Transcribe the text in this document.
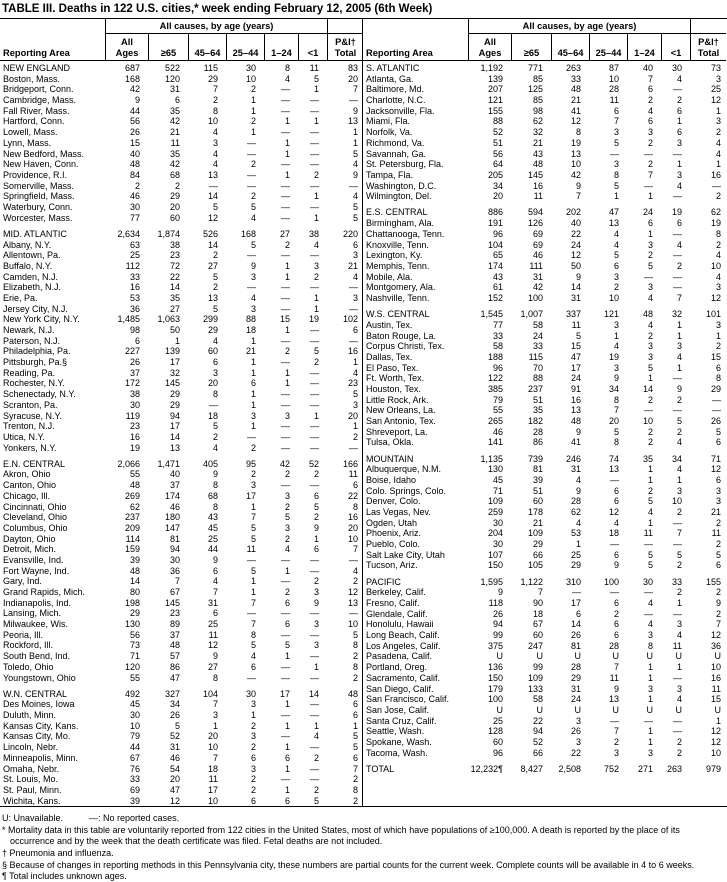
TABLE III. Deaths in 122 U.S. cities,* week ending February 12, 2005 (6th Week)
Reporting Area
All causes, by age (years)
All
Ages	≥65	45–64	25–44	1–24	<1
P&I†
Total
NEW ENGLAND	687	522	115	30	8	11	83
Boston, Mass.	168	120	29	10	4	5	20
Bridgeport, Conn.	42	31	7	2	—	1	7
Cambridge, Mass.	9	6	2	1	—	—	—
Fall River, Mass.	44	35	8	1	—	—	9
Hartford, Conn.	56	42	10	2	1	1	13
Lowell, Mass.	26	21	4	1	—	—	1
Lynn, Mass.	15	11	3	—	1	—	1
New Bedford, Mass.	40	35	4	—	1	—	5
New Haven, Conn.	48	42	4	2	—	—	4
Providence, R.I.	84	68	13	—	1	2	9
Somerville, Mass.	2	2	—	—	—	—	—
Springfield, Mass.	46	29	14	2	—	1	4
Waterbury, Conn.	30	20	5	5	—	—	5
Worcester, Mass.	77	60	12	4	—	1	5
MID. ATLANTIC	2,634	1,874	526	168	27	38	220
Albany, N.Y.	63	38	14	5	2	4	6
Allentown, Pa.	25	23	2	—	—	—	3
Buffalo, N.Y.	112	72	27	9	1	3	21
Camden, N.J.	33	22	5	3	1	2	4
Elizabeth, N.J.	16	14	2	—	—	—	—
Erie, Pa.	53	35	13	4	—	1	3
Jersey City, N.J.	36	27	5	3	—	1	—
New York City, N.Y.	1,485	1,063	299	88	15	19	102
Newark, N.J.	98	50	29	18	1	—	6
Paterson, N.J.	6	1	4	1	—	—	—
Philadelphia, Pa.	227	139	60	21	2	5	16
Pittsburgh, Pa.§	26	17	6	1	—	2	1
Reading, Pa.	37	32	3	1	1	—	4
Rochester, N.Y.	172	145	20	6	1	—	23
Schenectady, N.Y.	38	29	8	1	—	—	5
Scranton, Pa.	30	29	—	1	—	—	3
Syracuse, N.Y.	119	94	18	3	3	1	20
Trenton, N.J.	23	17	5	1	—	—	1
Utica, N.Y.	16	14	2	—	—	—	2
Yonkers, N.Y.	19	13	4	2	—	—	—
E.N. CENTRAL	2,066	1,471	405	95	42	52	166
Akron, Ohio	55	40	9	2	2	2	11
Canton, Ohio	48	37	8	3	—	—	6
Chicago, Ill.	269	174	68	17	3	6	22
Cincinnati, Ohio	62	46	8	1	2	5	8
Cleveland, Ohio	237	180	43	7	5	2	16
Columbus, Ohio	209	147	45	5	3	9	20
Dayton, Ohio	114	81	25	5	2	1	10
Detroit, Mich.	159	94	44	11	4	6	7
Evansville, Ind.	39	30	9	—	—	—	—
Fort Wayne, Ind.	48	36	6	5	1	—	4
Gary, Ind.	14	7	4	1	—	2	2
Grand Rapids, Mich.	80	67	7	1	2	3	12
Indianapolis, Ind.	198	145	31	7	6	9	13
Lansing, Mich.	29	23	6	—	—	—	—
Milwaukee, Wis.	130	89	25	7	6	3	10
Peoria, Ill.	56	37	11	8	—	—	5
Rockford, Ill.	73	48	12	5	5	3	8
South Bend, Ind.	71	57	9	4	1	—	2
Toledo, Ohio	120	86	27	6	—	1	8
Youngstown, Ohio	55	47	8	—	—	—	2
W.N. CENTRAL	492	327	104	30	17	14	48
Des Moines, Iowa	45	34	7	3	1	—	6
Duluth, Minn.	30	26	3	1	—	—	6
Kansas City, Kans.	10	5	1	2	1	1	1
Kansas City, Mo.	79	52	20	3	—	4	5
Lincoln, Nebr.	44	31	10	2	1	—	5
Minneapolis, Minn.	67	46	7	6	6	2	6
Omaha, Nebr.	76	54	18	3	1	—	7
St. Louis, Mo.	33	20	11	2	—	—	2
St. Paul, Minn.	69	47	17	2	1	2	8
Wichita, Kans.	39	12	10	6	6	5	2
Reporting Area
All causes, by age (years)
All
Ages	≥65	45–64	25–44	1–24	<1
P&I†
Total
S. ATLANTIC	1,192	771	263	87	40	30	73
Atlanta, Ga.	139	85	33	10	7	4	3
Baltimore, Md.	207	125	48	28	6	—	25
Charlotte, N.C.	121	85	21	11	2	2	12
Jacksonville, Fla.	155	98	41	6	4	6	1
Miami, Fla.	88	62	12	7	6	1	3
Norfolk, Va.	52	32	8	3	3	6	2
Richmond, Va.	51	21	19	5	2	3	4
Savannah, Ga.	56	43	13	—	—	—	4
St. Petersburg, Fla.	64	48	10	3	2	1	1
Tampa, Fla.	205	145	42	8	7	3	16
Washington, D.C.	34	16	9	5	—	4	—
Wilmington, Del.	20	11	7	1	1	—	2
E.S. CENTRAL	886	594	202	47	24	19	62
Birmingham, Ala.	191	126	40	13	6	6	19
Chattanooga, Tenn.	96	69	22	4	1	—	8
Knoxville, Tenn.	104	69	24	4	3	4	2
Lexington, Ky.	65	46	12	5	2	—	4
Memphis, Tenn.	174	111	50	6	5	2	10
Mobile, Ala.	43	31	9	3	—	—	4
Montgomery, Ala.	61	42	14	2	3	—	3
Nashville, Tenn.	152	100	31	10	4	7	12
W.S. CENTRAL	1,545	1,007	337	121	48	32	101
Austin, Tex.	77	58	11	3	4	1	3
Baton Rouge, La.	33	24	5	1	2	1	1
Corpus Christi, Tex.	58	33	15	4	3	3	2
Dallas, Tex.	188	115	47	19	3	4	15
El Paso, Tex.	96	70	17	3	5	1	6
Ft. Worth, Tex.	122	88	24	9	1	—	8
Houston, Tex.	385	237	91	34	14	9	29
Little Rock, Ark.	79	51	16	8	2	2	—
New Orleans, La.	55	35	13	7	—	—	—
San Antonio, Tex.	265	182	48	20	10	5	26
Shreveport, La.	46	28	9	5	2	2	5
Tulsa, Okla.	141	86	41	8	2	4	6
MOUNTAIN	1,135	739	246	74	35	34	71
Albuquerque, N.M.	130	81	31	13	1	4	12
Boise, Idaho	45	39	4	—	1	1	6
Colo. Springs, Colo.	71	51	9	6	2	3	3
Denver, Colo.	109	60	28	6	5	10	3
Las Vegas, Nev.	259	178	62	12	4	2	21
Ogden, Utah	30	21	4	4	1	—	2
Phoenix, Ariz.	204	109	53	18	11	7	11
Pueblo, Colo.	30	29	1	—	—	—	2
Salt Lake City, Utah	107	66	25	6	5	5	5
Tucson, Ariz.	150	105	29	9	5	2	6
PACIFIC	1,595	1,122	310	100	30	33	155
Berkeley, Calif.	9	7	—	—	—	2	2
Fresno, Calif.	118	90	17	6	4	1	9
Glendale, Calif.	26	18	6	2	—	—	2
Honolulu, Hawaii	94	67	14	6	4	3	7
Long Beach, Calif.	99	60	26	6	3	4	12
Los Angeles, Calif.	375	247	81	28	8	11	36
Pasadena, Calif.	U	U	U	U	U	U	U
Portland, Oreg.	136	99	28	7	1	1	10
Sacramento, Calif.	150	109	29	11	1	—	16
San Diego, Calif.	179	133	31	9	3	3	11
San Francisco, Calif.	100	58	24	13	1	4	15
San Jose, Calif.	U	U	U	U	U	U	U
Santa Cruz, Calif.	25	22	3	—	—	—	1
Seattle, Wash.	128	94	26	7	1	—	12
Spokane, Wash.	60	52	3	2	1	2	12
Tacoma, Wash.	96	66	22	3	3	2	10
TOTAL	12,232¶	8,427	2,508	752	271	263	979
U: Unavailable.	—: No reported cases.
* Mortality data in this table are voluntarily reported from 122 cities in the United States, most of which have populations of ≥100,000. A death is reported by the place of its occurrence and by the week that the death certificate was filed. Fetal deaths are not included.
† Pneumonia and influenza.
§ Because of changes in reporting methods in this Pennsylvania city, these numbers are partial counts for the current week. Complete counts will be available in 4 to 6 weeks.
¶ Total includes unknown ages.
